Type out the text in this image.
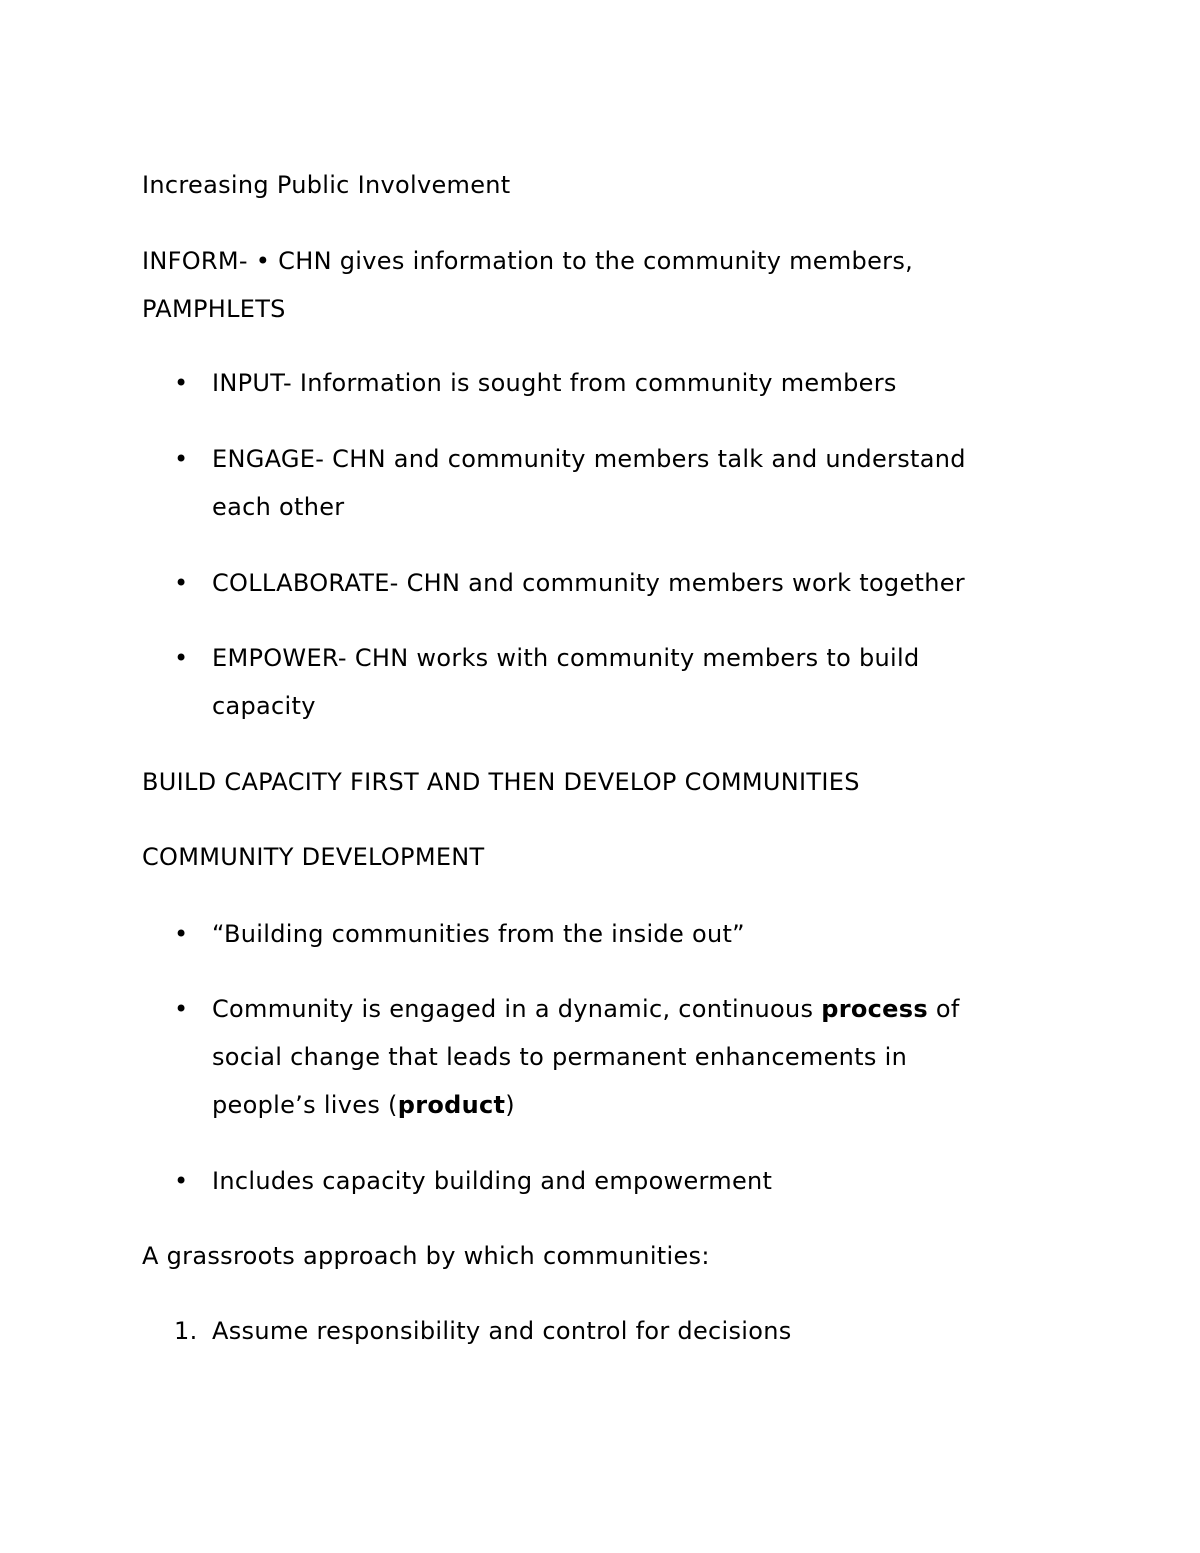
Increasing Public Involvement
INFORM- • CHN gives information to the community members,
PAMPHLETS
• INPUT- Information is sought from community members
• ENGAGE- CHN and community members talk and understand
each other
• COLLABORATE- CHN and community members work together
• EMPOWER- CHN works with community members to build
capacity
BUILD CAPACITY FIRST AND THEN DEVELOP COMMUNITIES
COMMUNITY DEVELOPMENT
• “Building communities from the inside out”
• Community is engaged in a dynamic, continuous process of
social change that leads to permanent enhancements in
people’s lives (product)
• Includes capacity building and empowerment
A grassroots approach by which communities:
1. Assume responsibility and control for decisions
